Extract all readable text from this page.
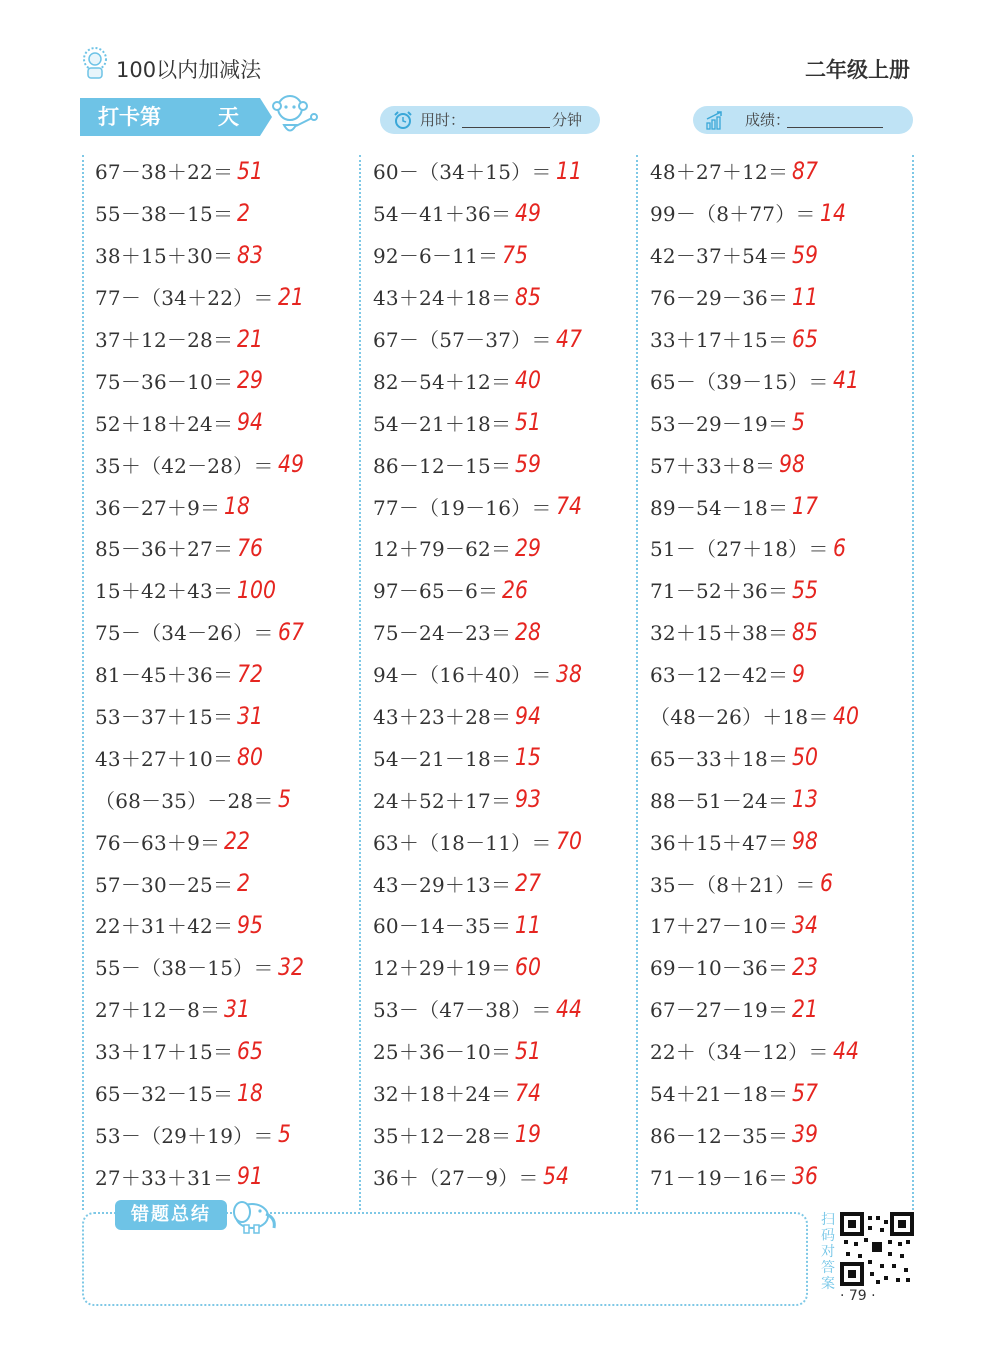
100以内加减法	二年级上册
打卡第	天	用时：	分钟	成绩：
67－38＋22＝ 51
55－38－15＝ 2
38＋15＋30＝ 83
77－（34＋22）＝ 21
37＋12－28＝ 21
75－36－10＝ 29
52＋18＋24＝ 94
35＋（42－28）＝ 49
36－27＋9＝ 18
85－36＋27＝ 76
15＋42＋43＝ 100
75－（34－26）＝ 67
81－45＋36＝ 72
53－37＋15＝ 31
43＋27＋10＝ 80
（68－35）－28＝ 5
76－63＋9＝ 22
57－30－25＝ 2
22＋31＋42＝ 95
55－（38－15）＝ 32
27＋12－8＝ 31
33＋17＋15＝ 65
65－32－15＝ 18
53－（29＋19）＝ 5
27＋33＋31＝ 91
60－（34＋15）＝ 11
54－41＋36＝ 49
92－6－11＝ 75
43＋24＋18＝ 85
67－（57－37）＝ 47
82－54＋12＝ 40
54－21＋18＝ 51
86－12－15＝ 59
77－（19－16）＝ 74
12＋79－62＝ 29
97－65－6＝ 26
75－24－23＝ 28
94－（16＋40）＝ 38
43＋23＋28＝ 94
54－21－18＝ 15
24＋52＋17＝ 93
63＋（18－11）＝ 70
43－29＋13＝ 27
60－14－35＝ 11
12＋29＋19＝ 60
53－（47－38）＝ 44
25＋36－10＝ 51
32＋18＋24＝ 74
35＋12－28＝ 19
36＋（27－9）＝ 54
48＋27＋12＝ 87
99－（8＋77）＝ 14
42－37＋54＝ 59
76－29－36＝ 11
33＋17＋15＝ 65
65－（39－15）＝ 41
53－29－19＝ 5
57＋33＋8＝ 98
89－54－18＝ 17
51－（27＋18）＝ 6
71－52＋36＝ 55
32＋15＋38＝ 85
63－12－42＝ 9
（48－26）＋18＝ 40
65－33＋18＝ 50
88－51－24＝ 13
36＋15＋47＝ 98
35－（8＋21）＝ 6
17＋27－10＝ 34
69－10－36＝ 23
67－27－19＝ 21
22＋（34－12）＝ 44
54＋21－18＝ 57
86－12－35＝ 39
71－19－16＝ 36
错题总结	扫码对答案
· 79 ·
